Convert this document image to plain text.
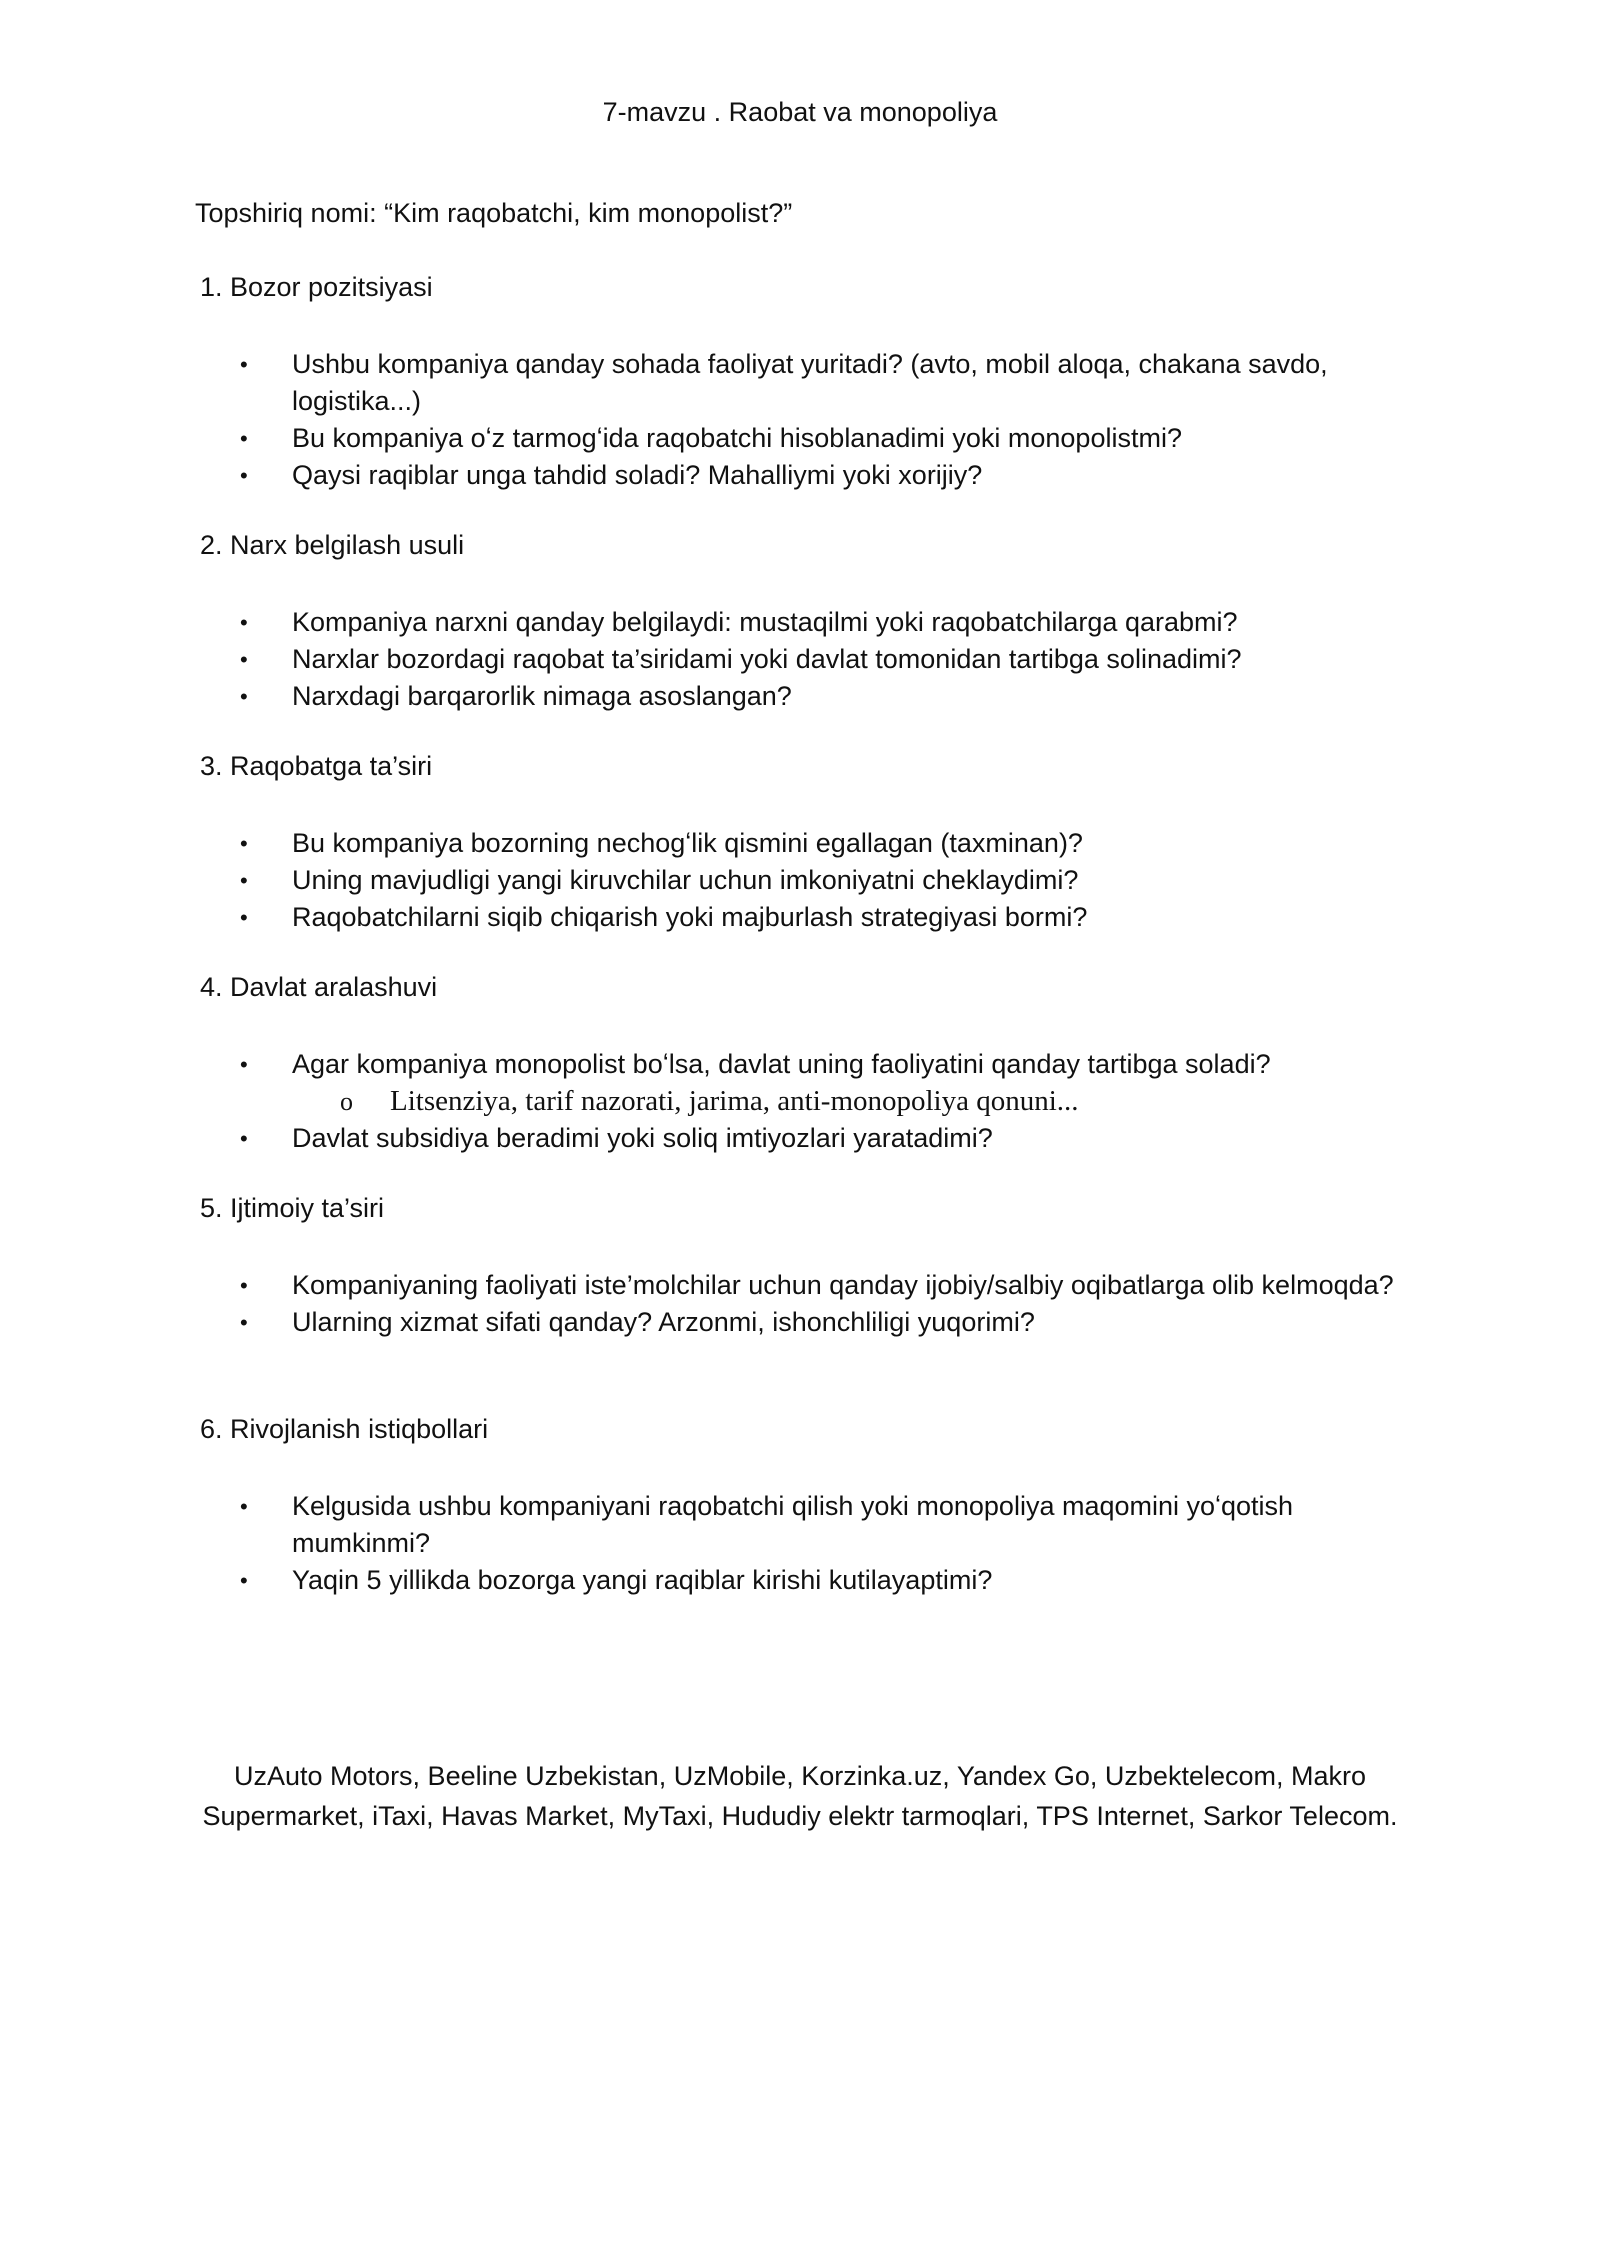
7-mavzu . Raobat va monopoliya

Topshiriq nomi: “Kim raqobatchi, kim monopolist?”

1. Bozor pozitsiyasi

• Ushbu kompaniya qanday sohada faoliyat yuritadi? (avto, mobil aloqa, chakana savdo, logistika...)
• Bu kompaniya oʻz tarmogʻida raqobatchi hisoblanadimi yoki monopolistmi?
• Qaysi raqiblar unga tahdid soladi? Mahalliymi yoki xorijiy?

2. Narx belgilash usuli

• Kompaniya narxni qanday belgilaydi: mustaqilmi yoki raqobatchilarga qarabmi?
• Narxlar bozordagi raqobat ta’siridami yoki davlat tomonidan tartibga solinadimi?
• Narxdagi barqarorlik nimaga asoslangan?

3. Raqobatga ta’siri

• Bu kompaniya bozorning nechogʻlik qismini egallagan (taxminan)?
• Uning mavjudligi yangi kiruvchilar uchun imkoniyatni cheklaydimi?
• Raqobatchilarni siqib chiqarish yoki majburlash strategiyasi bormi?

4. Davlat aralashuvi

• Agar kompaniya monopolist boʻlsa, davlat uning faoliyatini qanday tartibga soladi?
o Litsenziya, tarif nazorati, jarima, anti-monopoliya qonuni...
• Davlat subsidiya beradimi yoki soliq imtiyozlari yaratadimi?

5. Ijtimoiy ta’siri

• Kompaniyaning faoliyati iste’molchilar uchun qanday ijobiy/salbiy oqibatlarga olib kelmoqda?
• Ularning xizmat sifati qanday? Arzonmi, ishonchliligi yuqorimi?

6. Rivojlanish istiqbollari

• Kelgusida ushbu kompaniyani raqobatchi qilish yoki monopoliya maqomini yoʻqotish mumkinmi?
• Yaqin 5 yillikda bozorga yangi raqiblar kirishi kutilayaptimi?

UzAuto Motors, Beeline Uzbekistan, UzMobile, Korzinka.uz, Yandex Go, Uzbektelecom, Makro Supermarket, iTaxi, Havas Market, MyTaxi, Hududiy elektr tarmoqlari, TPS Internet, Sarkor Telecom.
